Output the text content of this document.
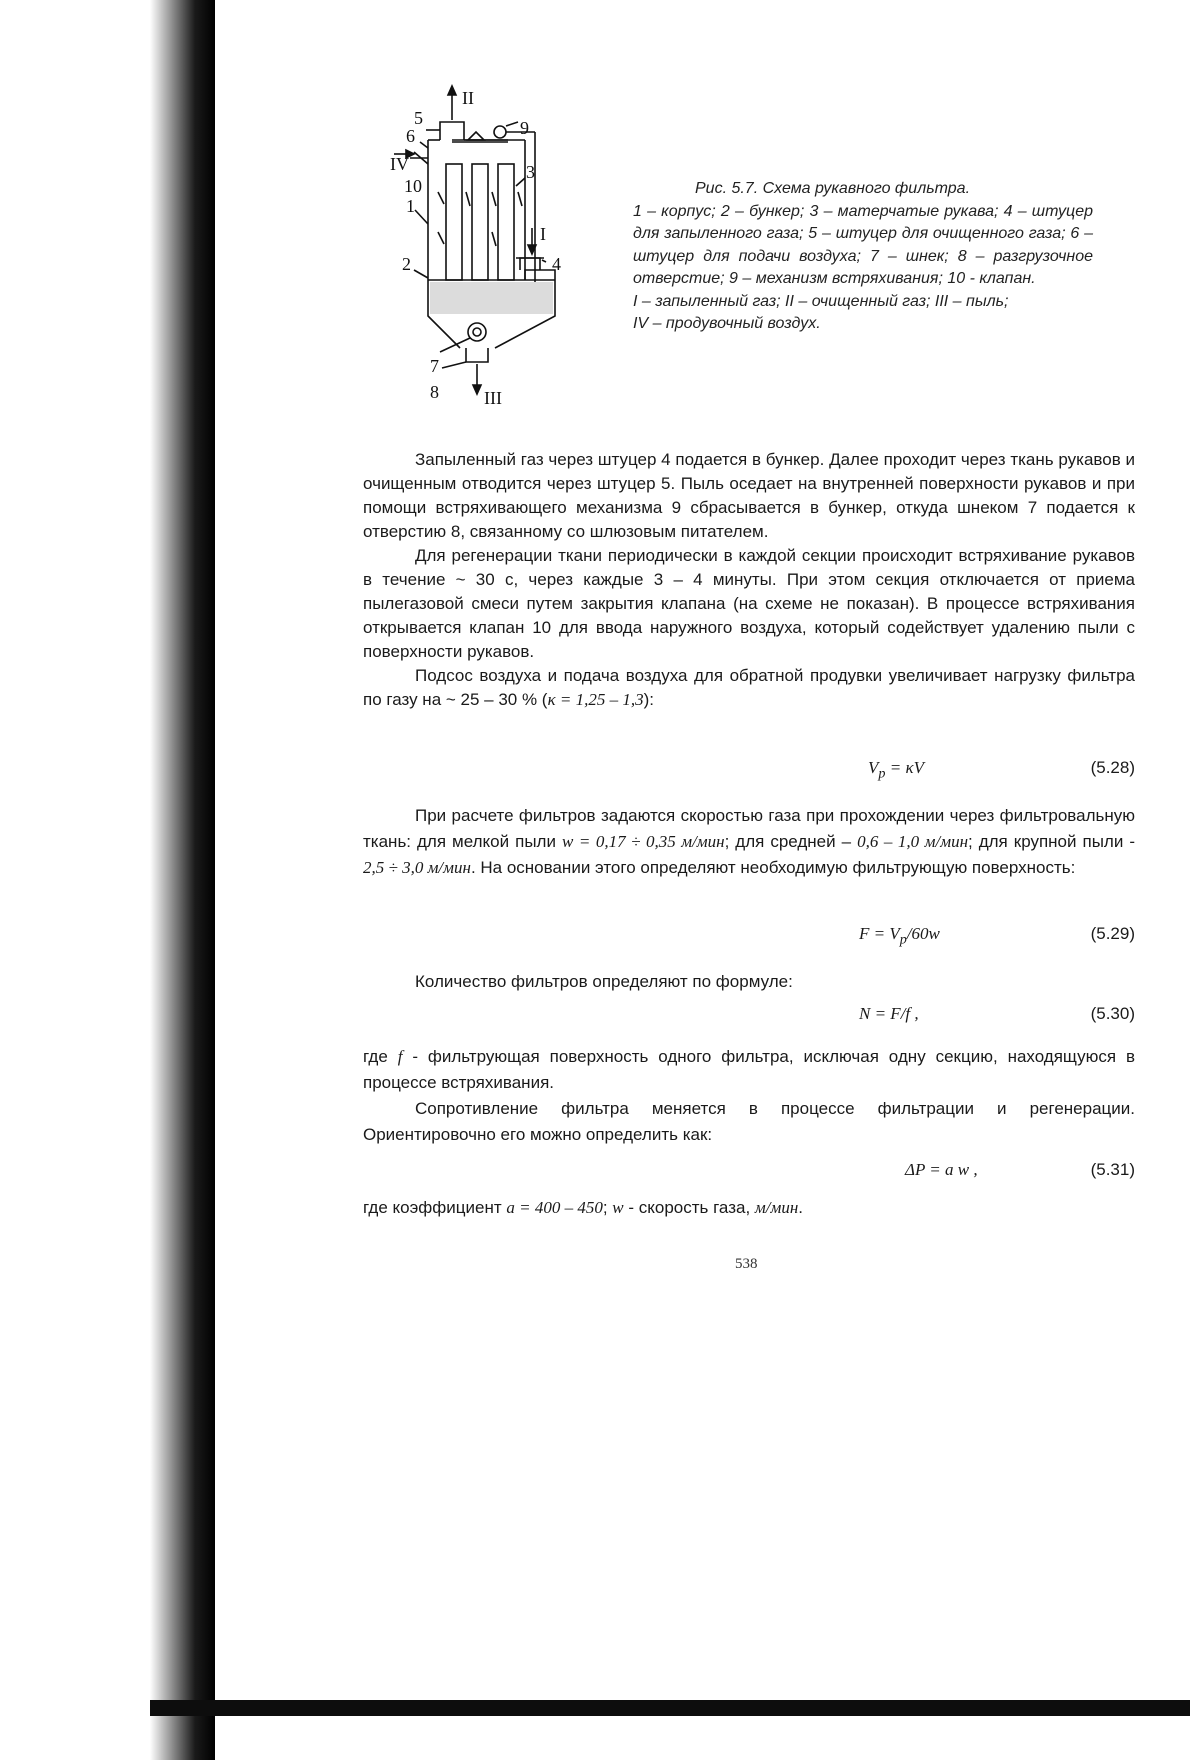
II
5
6	9
3
IV
10
1
I
4
2
7
8	III
Рис. 5.7. Схема рукавного фильтра.
1 – корпус; 2 – бункер; 3 – матерчатые рукава; 4 – штуцер для запыленного газа; 5 – штуцер для очищенного газа; 6 – штуцер для подачи воздуха; 7 – шнек; 8 – разгрузочное отверстие; 9 – механизм встряхивания; 10 - клапан.
I – запыленный газ; II – очищенный газ; III – пыль;
IV – продувочный воздух.

Запыленный газ через штуцер 4 подается в бункер. Далее проходит через ткань рукавов и очищенным отводится через штуцер 5. Пыль оседает на внутренней поверхности рукавов и при помощи встряхивающего механизма 9 сбрасывается в бункер, откуда шнеком 7 подается к отверстию 8, связанному со шлюзовым питателем.

Для регенерации ткани периодически в каждой секции происходит встряхивание рукавов в течение ~ 30 с, через каждые 3 – 4 минуты. При этом секция отключается от приема пылегазовой смеси путем закрытия клапана (на схеме не показан). В процессе встряхивания открывается клапан 10 для ввода наружного воздуха, который содействует удалению пыли с поверхности рукавов.

Подсос воздуха и подача воздуха для обратной продувки увеличивает нагрузку фильтра по газу на ~ 25 – 30 % (κ = 1,25 – 1,3):

$V_p = \kappa V$	(5.28)

При расчете фильтров задаются скоростью газа при прохождении через фильтровальную ткань: для мелкой пыли w = 0,17 ÷ 0,35 м/мин; для средней – 0,6 – 1,0 м/мин; для крупной пыли - 2,5 ÷ 3,0 м/мин. На основании этого определяют необходимую фильтрующую поверхность:

$F = V_p/60w$	(5.29)

Количество фильтров определяют по формуле:

N = F/f ,	(5.30)

где f - фильтрующая поверхность одного фильтра, исключая одну секцию, находящуюся в процессе встряхивания.

Сопротивление фильтра меняется в процессе фильтрации и регенерации. Ориентировочно его можно определить как:

ΔP = a w ,	(5.31)

где коэффициент a = 400 – 450; w - скорость газа, м/мин.

538
